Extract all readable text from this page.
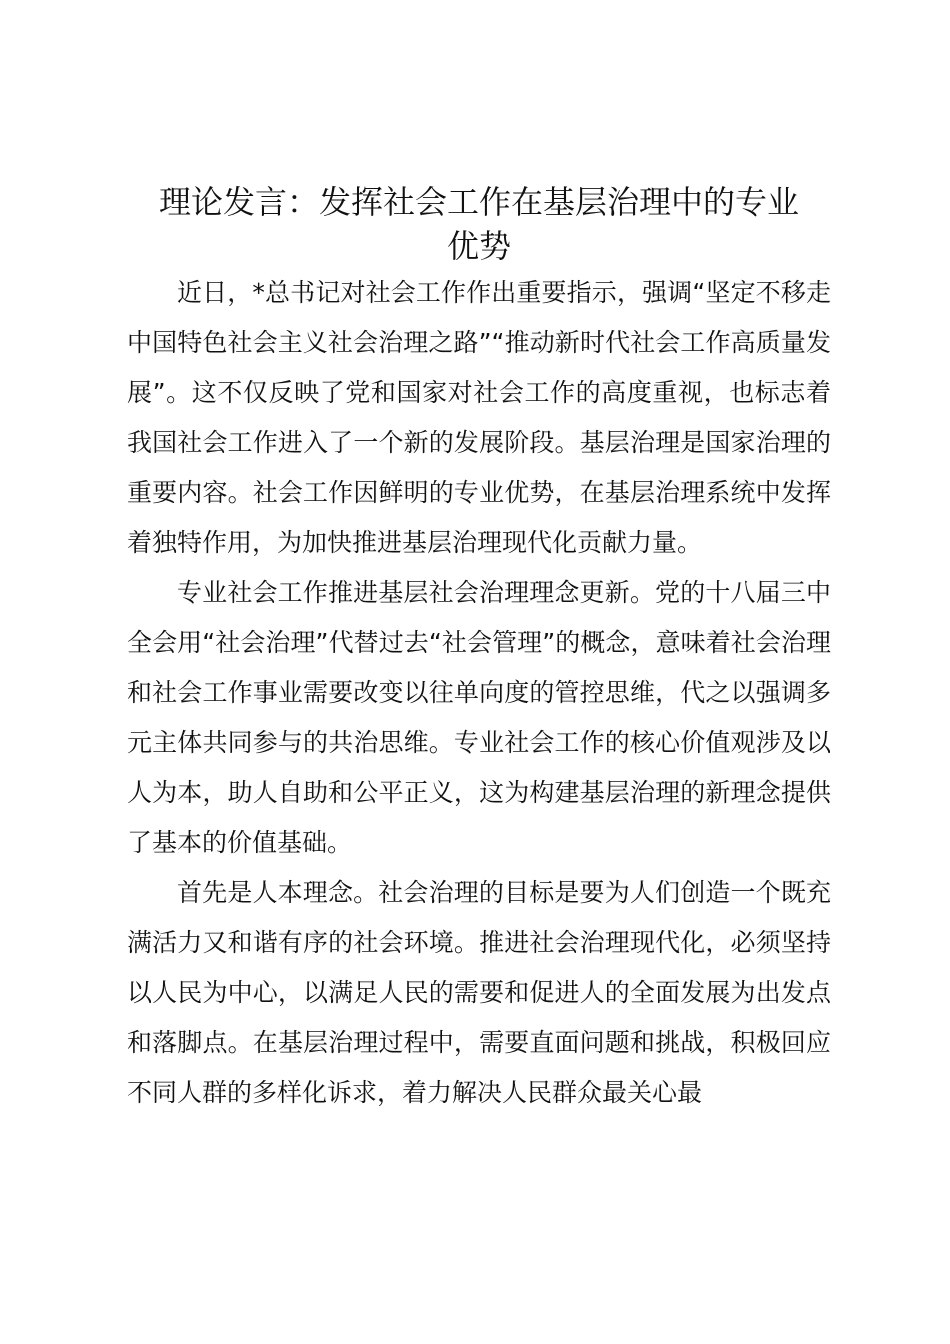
理论发言：发挥社会工作在基层治理中的专业
优势

近日，*总书记对社会工作作出重要指示，强调“坚定不移走中国特色社会主义社会治理之路”“推动新时代社会工作高质量发展”。这不仅反映了党和国家对社会工作的高度重视，也标志着我国社会工作进入了一个新的发展阶段。基层治理是国家治理的重要内容。社会工作因鲜明的专业优势，在基层治理系统中发挥着独特作用，为加快推进基层治理现代化贡献力量。

专业社会工作推进基层社会治理理念更新。党的十八届三中全会用“社会治理”代替过去“社会管理”的概念，意味着社会治理和社会工作事业需要改变以往单向度的管控思维，代之以强调多元主体共同参与的共治思维。专业社会工作的核心价值观涉及以人为本，助人自助和公平正义，这为构建基层治理的新理念提供了基本的价值基础。

首先是人本理念。社会治理的目标是要为人们创造一个既充满活力又和谐有序的社会环境。推进社会治理现代化，必须坚持以人民为中心，以满足人民的需要和促进人的全面发展为出发点和落脚点。在基层治理过程中，需要直面问题和挑战，积极回应不同人群的多样化诉求，着力解决人民群众最关心最
